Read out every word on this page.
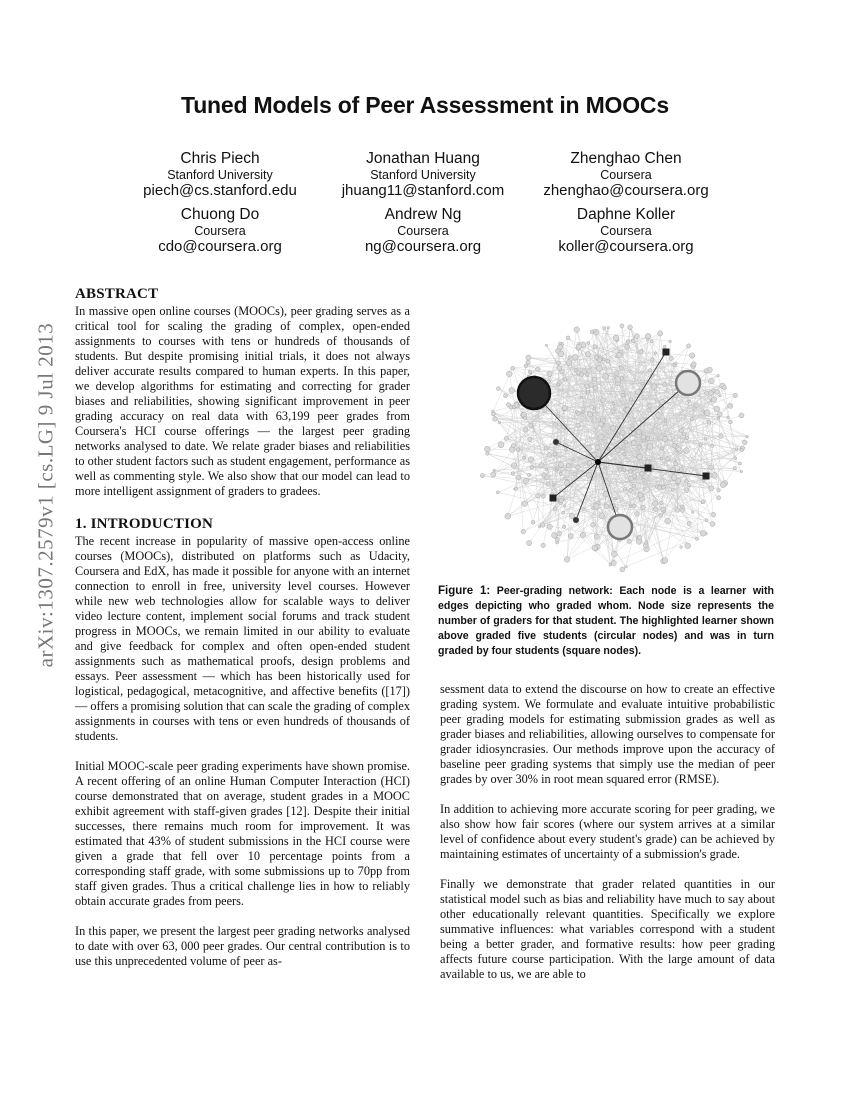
Tuned Models of Peer Assessment in MOOCs
Chris Piech
Stanford University
piech@cs.stanford.edu
Jonathan Huang
Stanford University
jhuang11@stanford.com
Zhenghao Chen
Coursera
zhenghao@coursera.org
Chuong Do
Coursera
cdo@coursera.org
Andrew Ng
Coursera
ng@coursera.org
Daphne Koller
Coursera
koller@coursera.org
arXiv:1307.2579v1 [cs.LG] 9 Jul 2013
ABSTRACT

In massive open online courses (MOOCs), peer grading serves as a critical tool for scaling the grading of complex, open-ended assignments to courses with tens or hundreds of thousands of students. But despite promising initial trials, it does not always deliver accurate results compared to human experts. In this paper, we develop algorithms for estimating and correcting for grader biases and reliabilities, showing significant improvement in peer grading accuracy on real data with 63,199 peer grades from Coursera's HCI course offerings — the largest peer grading networks analysed to date. We relate grader biases and reliabilities to other student factors such as student engagement, performance as well as commenting style. We also show that our model can lead to more intelligent assignment of graders to gradees.

1. INTRODUCTION

The recent increase in popularity of massive open-access online courses (MOOCs), distributed on platforms such as Udacity, Coursera and EdX, has made it possible for anyone with an internet connection to enroll in free, university level courses. However while new web technologies allow for scalable ways to deliver video lecture content, implement social forums and track student progress in MOOCs, we remain limited in our ability to evaluate and give feedback for complex and often open-ended student assignments such as mathematical proofs, design problems and essays. Peer assessment — which has been historically used for logistical, pedagogical, metacognitive, and affective benefits ([17]) — offers a promising solution that can scale the grading of complex assignments in courses with tens or even hundreds of thousands of students.

Initial MOOC-scale peer grading experiments have shown promise. A recent offering of an online Human Computer Interaction (HCI) course demonstrated that on average, student grades in a MOOC exhibit agreement with staff-given grades [12]. Despite their initial successes, there remains much room for improvement. It was estimated that 43% of student submissions in the HCI course were given a grade that fell over 10 percentage points from a corresponding staff grade, with some submissions up to 70pp from staff given grades. Thus a critical challenge lies in how to reliably obtain accurate grades from peers.

In this paper, we present the largest peer grading networks analysed to date with over 63, 000 peer grades. Our central contribution is to use this unprecedented volume of peer as-

Figure 1: Peer-grading network: Each node is a learner with edges depicting who graded whom. Node size represents the number of graders for that student. The highlighted learner shown above graded five students (circular nodes) and was in turn graded by four students (square nodes).

sessment data to extend the discourse on how to create an effective grading system. We formulate and evaluate intuitive probabilistic peer grading models for estimating submission grades as well as grader biases and reliabilities, allowing ourselves to compensate for grader idiosyncrasies. Our methods improve upon the accuracy of baseline peer grading systems that simply use the median of peer grades by over 30% in root mean squared error (RMSE).

In addition to achieving more accurate scoring for peer grading, we also show how fair scores (where our system arrives at a similar level of confidence about every student's grade) can be achieved by maintaining estimates of uncertainty of a submission's grade.

Finally we demonstrate that grader related quantities in our statistical model such as bias and reliability have much to say about other educationally relevant quantities. Specifically we explore summative influences: what variables correspond with a student being a better grader, and formative results: how peer grading affects future course participation. With the large amount of data available to us, we are able to
